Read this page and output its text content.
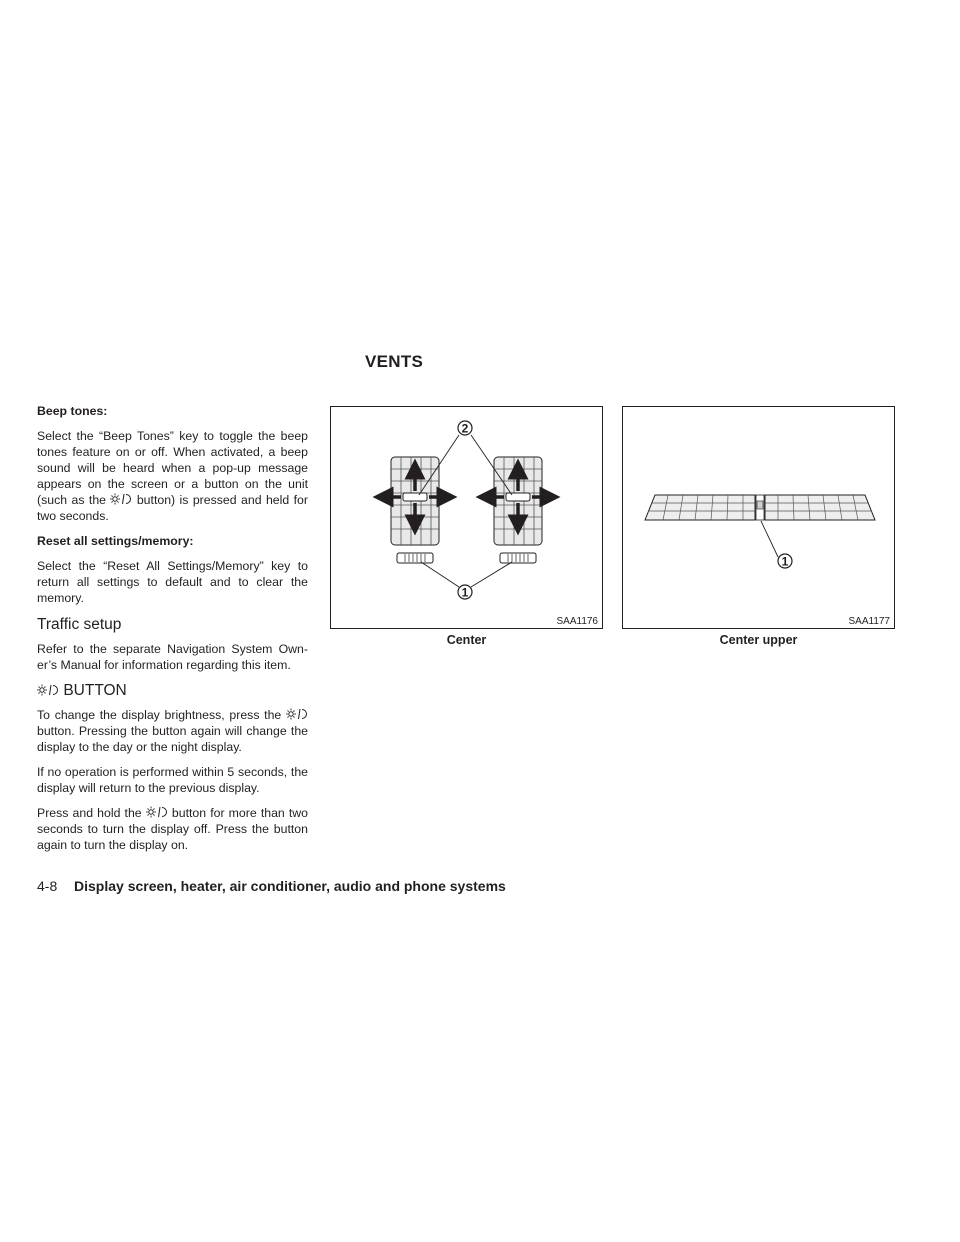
VENTS

Beep tones:

Select the “Beep Tones” key to toggle the beep tones feature on or off. When activated, a beep sound will be heard when a pop-up message appears on the screen or a button on the unit (such as the	button) is pressed and held for two seconds.

Reset all settings/memory:

Select the “Reset All Settings/Memory” key to return all settings to default and to clear the memory.

Traffic setup

Refer to the separate Navigation System Own-er’s Manual for information regarding this item.

BUTTON

To change the display brightness, press the  button. Pressing the button again will change the display to the day or the night display.

If no operation is performed within 5 seconds, the display will return to the previous display.

Press and hold the button for more than two seconds to turn the display off. Press the button again to turn the display on.

2
1
SAA1176
Center
1
SAA1177
Center upper
4-8 Display screen, heater, air conditioner, audio and phone systems
